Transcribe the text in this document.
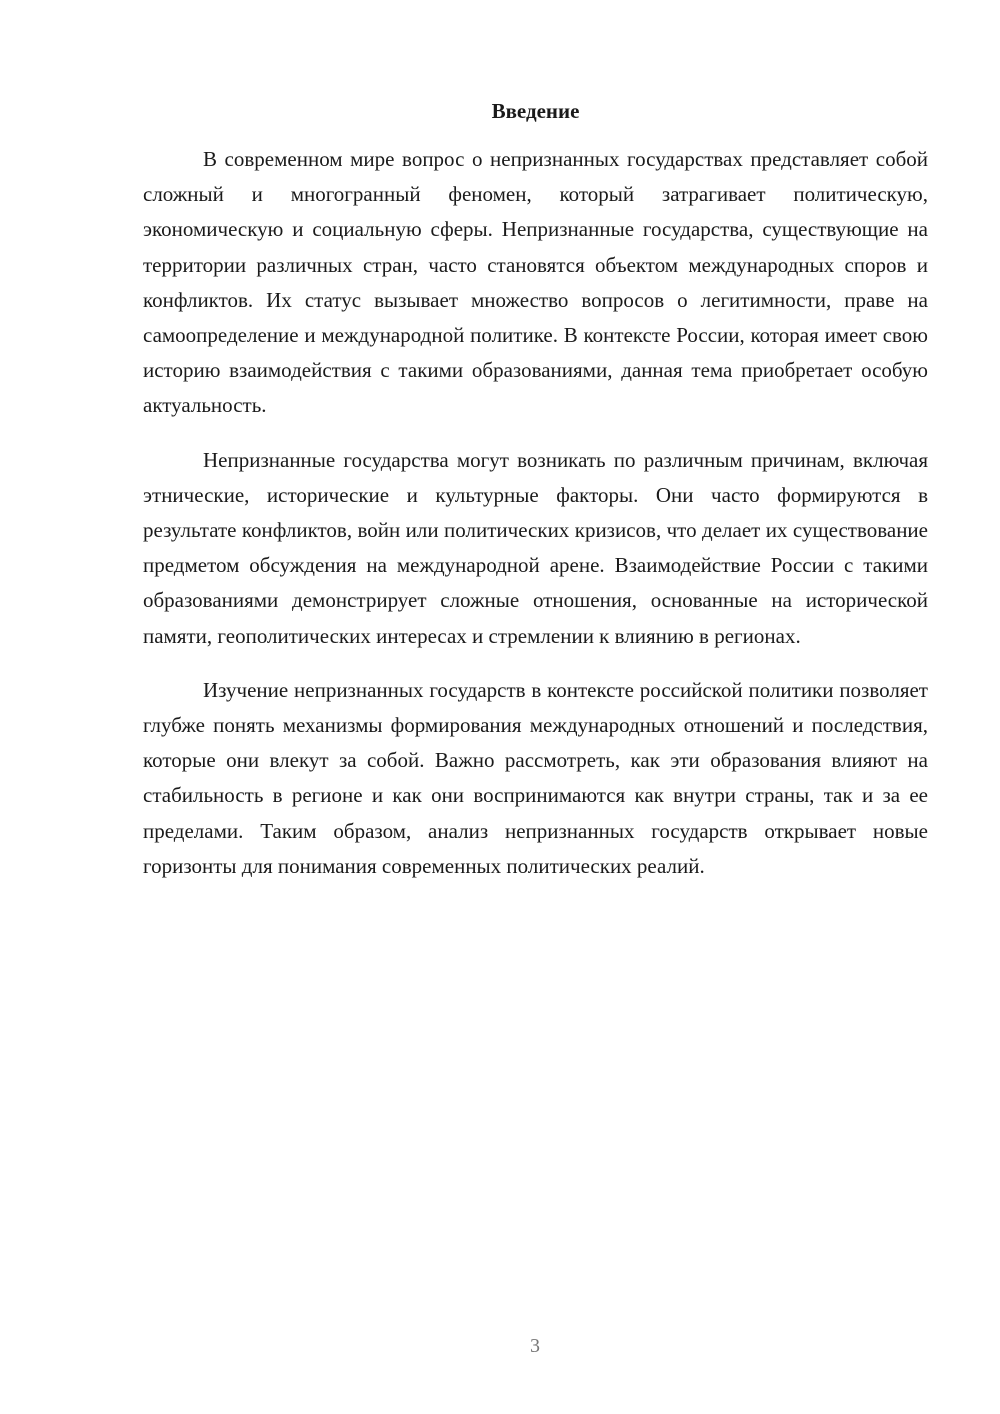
Введение

В современном мире вопрос о непризнанных государствах представляет собой сложный и многогранный феномен, который затрагивает политическую, экономическую и социальную сферы. Непризнанные государства, существующие на территории различных стран, часто становятся объектом международных споров и конфликтов. Их статус вызывает множество вопросов о легитимности, праве на самоопределение и международной политике. В контексте России, которая имеет свою историю взаимодействия с такими образованиями, данная тема приобретает особую актуальность.

Непризнанные государства могут возникать по различным причинам, включая этнические, исторические и культурные факторы. Они часто формируются в результате конфликтов, войн или политических кризисов, что делает их существование предметом обсуждения на международной арене. Взаимодействие России с такими образованиями демонстрирует сложные отношения, основанные на исторической памяти, геополитических интересах и стремлении к влиянию в регионах.

Изучение непризнанных государств в контексте российской политики позволяет глубже понять механизмы формирования международных отношений и последствия, которые они влекут за собой. Важно рассмотреть, как эти образования влияют на стабильность в регионе и как они воспринимаются как внутри страны, так и за ее пределами. Таким образом, анализ непризнанных государств открывает новые горизонты для понимания современных политических реалий.

3
